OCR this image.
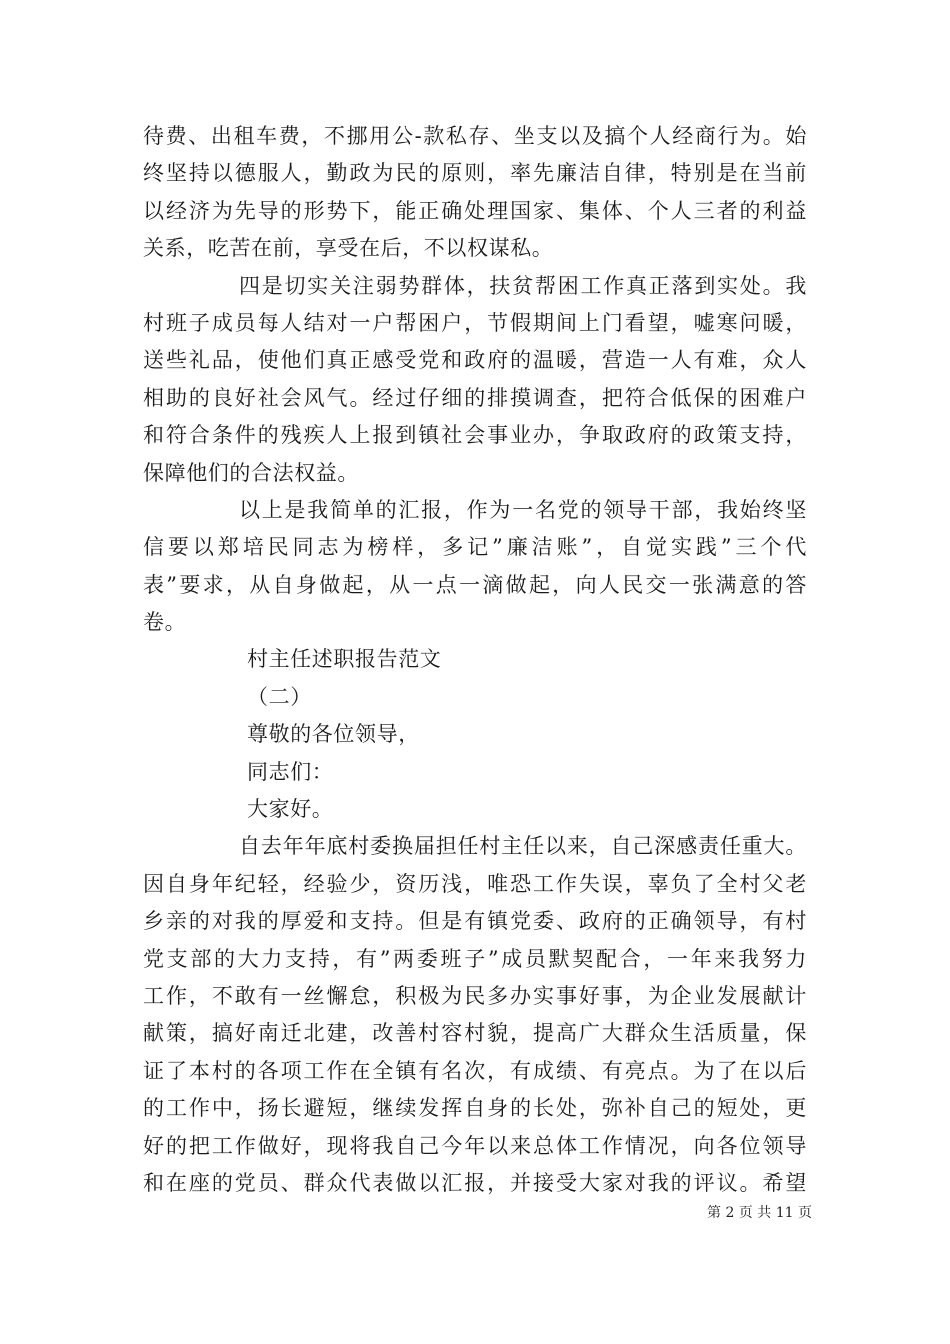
待费、出租车费，不挪用公-款私存、坐支以及搞个人经商行为。始
终坚持以德服人，勤政为民的原则，率先廉洁自律，特别是在当前
以经济为先导的形势下，能正确处理国家、集体、个人三者的利益
关系，吃苦在前，享受在后，不以权谋私。
四是切实关注弱势群体，扶贫帮困工作真正落到实处。我
村班子成员每人结对一户帮困户，节假期间上门看望，嘘寒问暖，
送些礼品，使他们真正感受党和政府的温暖，营造一人有难，众人
相助的良好社会风气。经过仔细的排摸调查，把符合低保的困难户
和符合条件的残疾人上报到镇社会事业办，争取政府的政策支持，
保障他们的合法权益。
以上是我简单的汇报，作为一名党的领导干部，我始终坚
信要以郑培民同志为榜样，多记”廉洁账”，自觉实践”三个代
表”要求，从自身做起，从一点一滴做起，向人民交一张满意的答
卷。
村主任述职报告范文
（二）
尊敬的各位领导，
同志们：
大家好。
自去年年底村委换届担任村主任以来，自己深感责任重大。
因自身年纪轻，经验少，资历浅，唯恐工作失误，辜负了全村父老
乡亲的对我的厚爱和支持。但是有镇党委、政府的正确领导，有村
党支部的大力支持，有”两委班子”成员默契配合，一年来我努力
工作，不敢有一丝懈怠，积极为民多办实事好事，为企业发展献计
献策，搞好南迁北建，改善村容村貌，提高广大群众生活质量，保
证了本村的各项工作在全镇有名次，有成绩、有亮点。为了在以后
的工作中，扬长避短，继续发挥自身的长处，弥补自己的短处，更
好的把工作做好，现将我自己今年以来总体工作情况，向各位领导
和在座的党员、群众代表做以汇报，并接受大家对我的评议。希望
第 2 页 共 11 页
